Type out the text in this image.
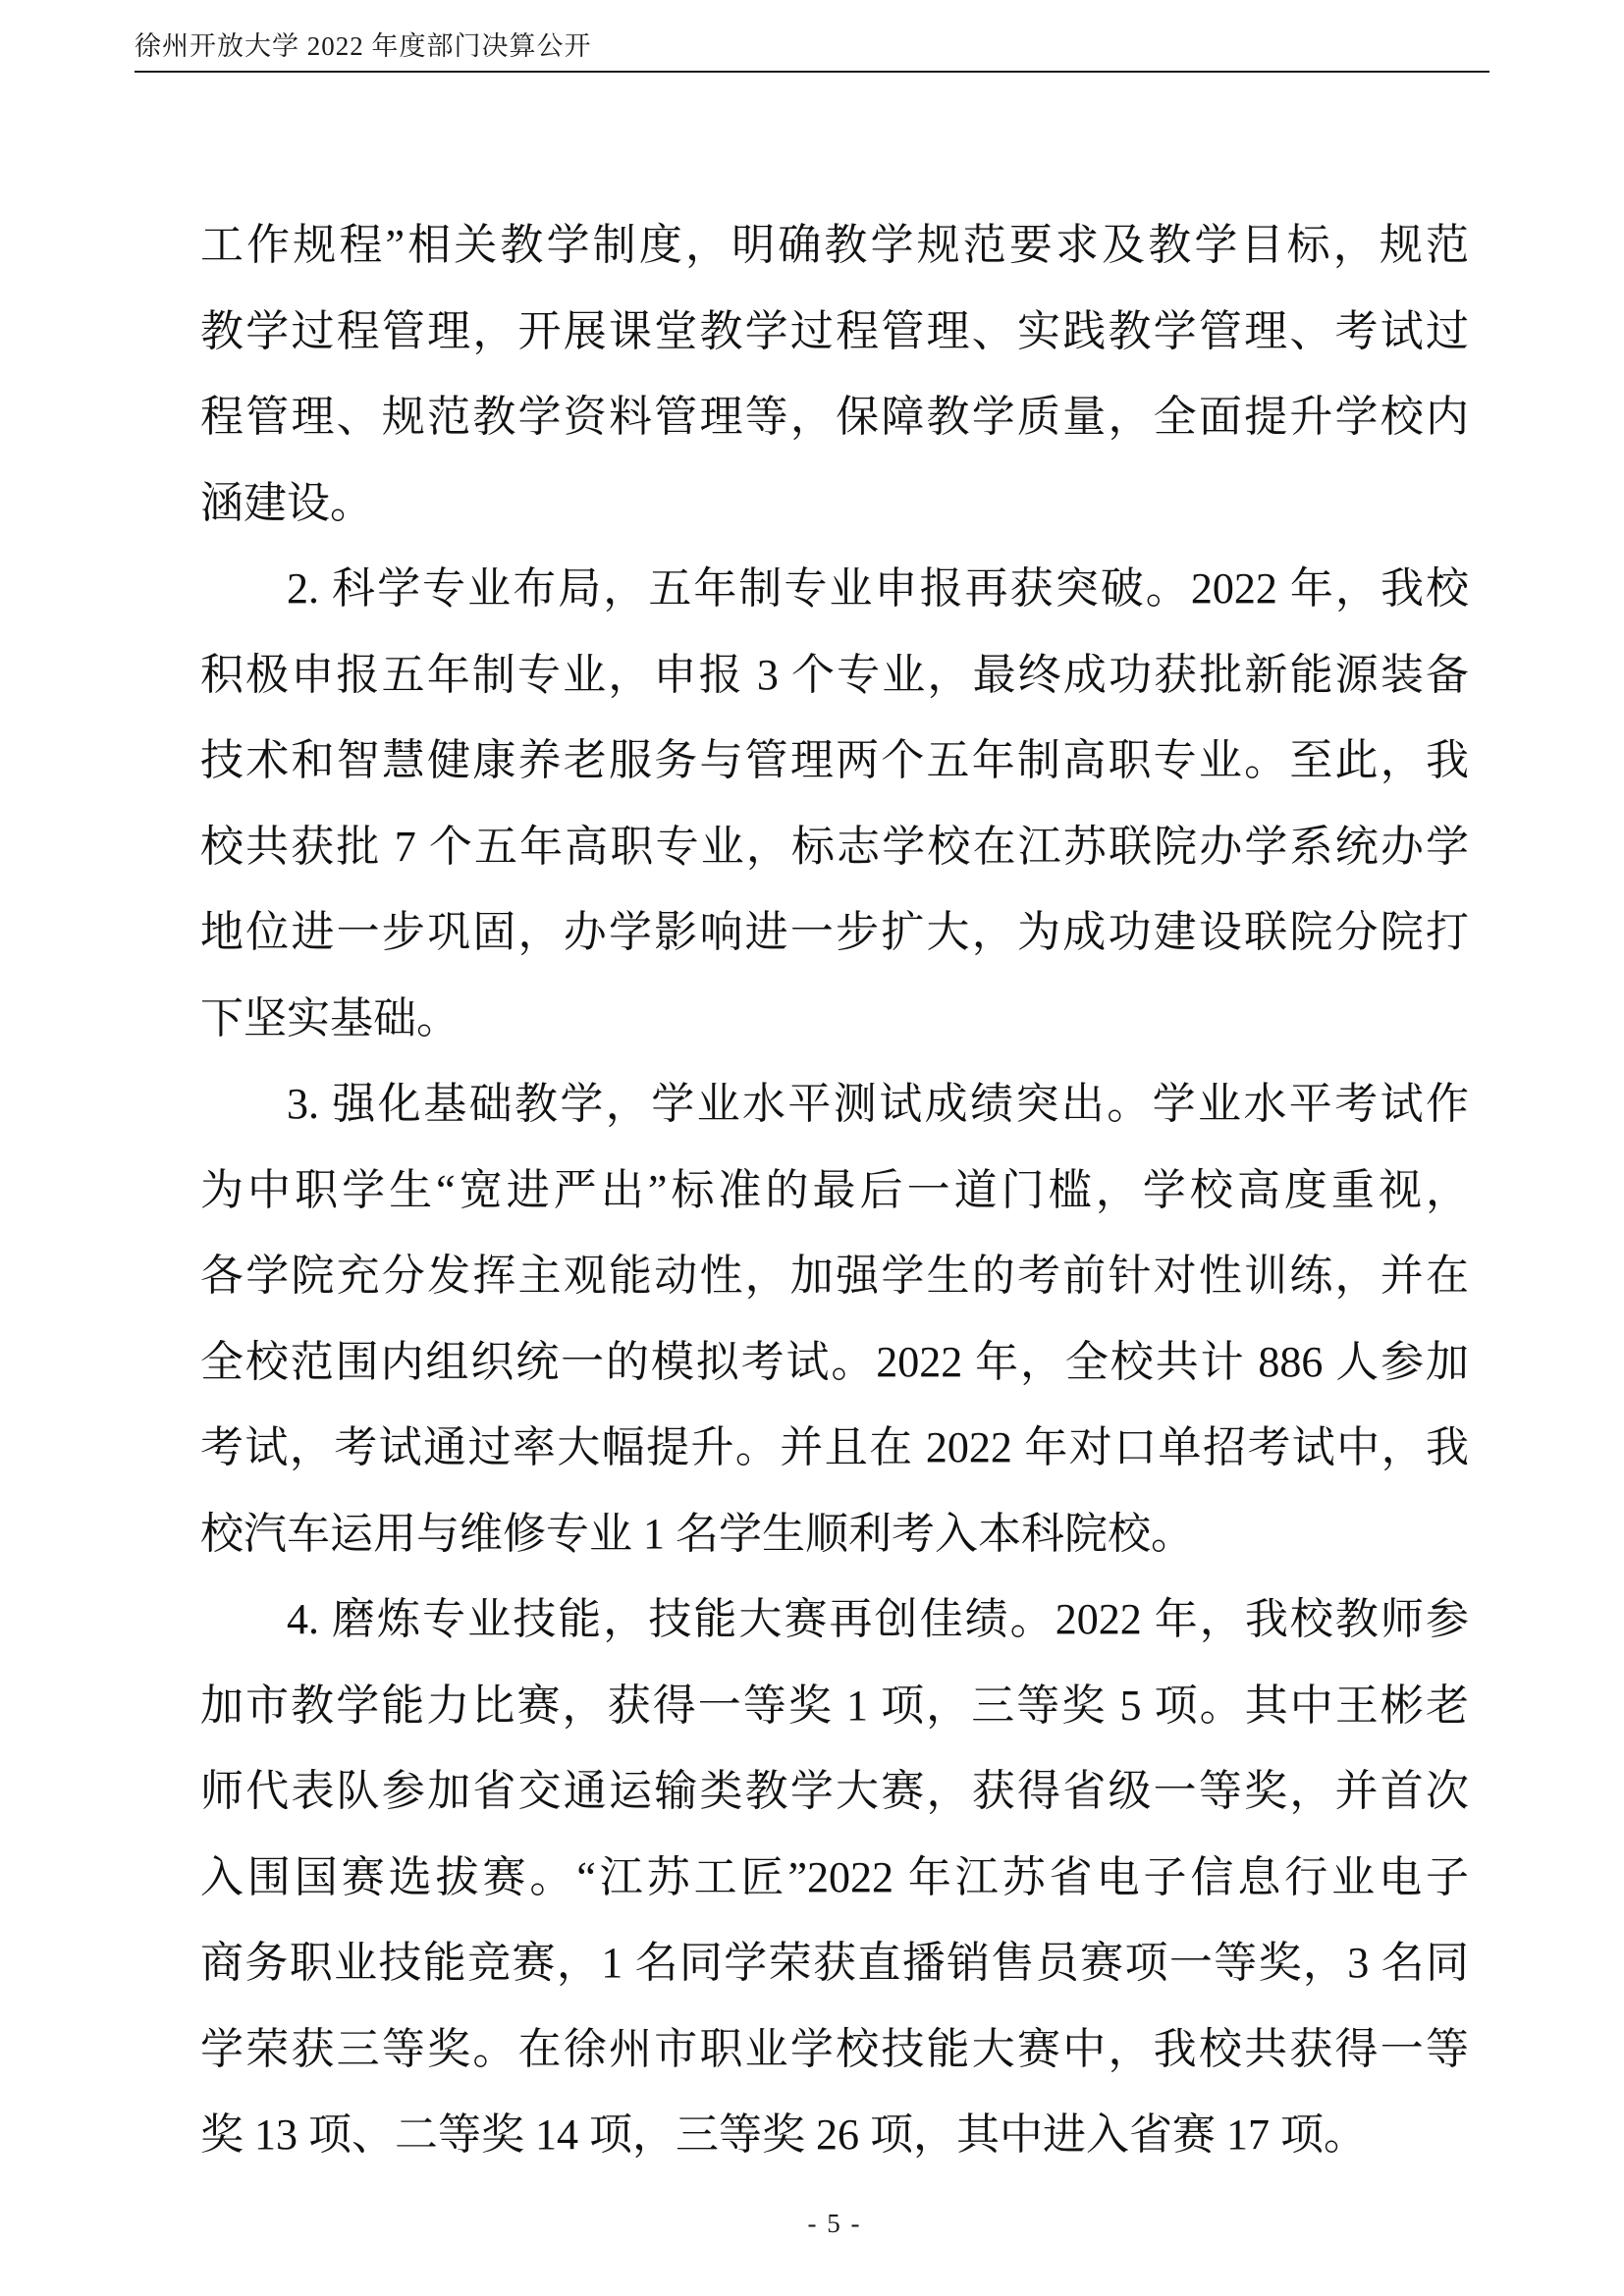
徐州开放大学 2022 年度部门决算公开
工作规程”相关教学制度，明确教学规范要求及教学目标，规范
教学过程管理，开展课堂教学过程管理、实践教学管理、考试过
程管理、规范教学资料管理等，保障教学质量，全面提升学校内
涵建设。
2. 科学专业布局，五年制专业申报再获突破。2022 年，我校
积极申报五年制专业，申报 3 个专业，最终成功获批新能源装备
技术和智慧健康养老服务与管理两个五年制高职专业。至此，我
校共获批 7 个五年高职专业，标志学校在江苏联院办学系统办学
地位进一步巩固，办学影响进一步扩大，为成功建设联院分院打
下坚实基础。
3. 强化基础教学，学业水平测试成绩突出。学业水平考试作
为中职学生“宽进严出”标准的最后一道门槛，学校高度重视，
各学院充分发挥主观能动性，加强学生的考前针对性训练，并在
全校范围内组织统一的模拟考试。2022 年，全校共计 886 人参加
考试，考试通过率大幅提升。并且在 2022 年对口单招考试中，我
校汽车运用与维修专业 1 名学生顺利考入本科院校。
4. 磨炼专业技能，技能大赛再创佳绩。2022 年，我校教师参
加市教学能力比赛，获得一等奖 1 项，三等奖 5 项。其中王彬老
师代表队参加省交通运输类教学大赛，获得省级一等奖，并首次
入围国赛选拔赛。“江苏工匠”2022 年江苏省电子信息行业电子
商务职业技能竞赛，1 名同学荣获直播销售员赛项一等奖，3 名同
学荣获三等奖。在徐州市职业学校技能大赛中，我校共获得一等
奖 13 项、二等奖 14 项，三等奖 26 项，其中进入省赛 17 项。
- 5 -
